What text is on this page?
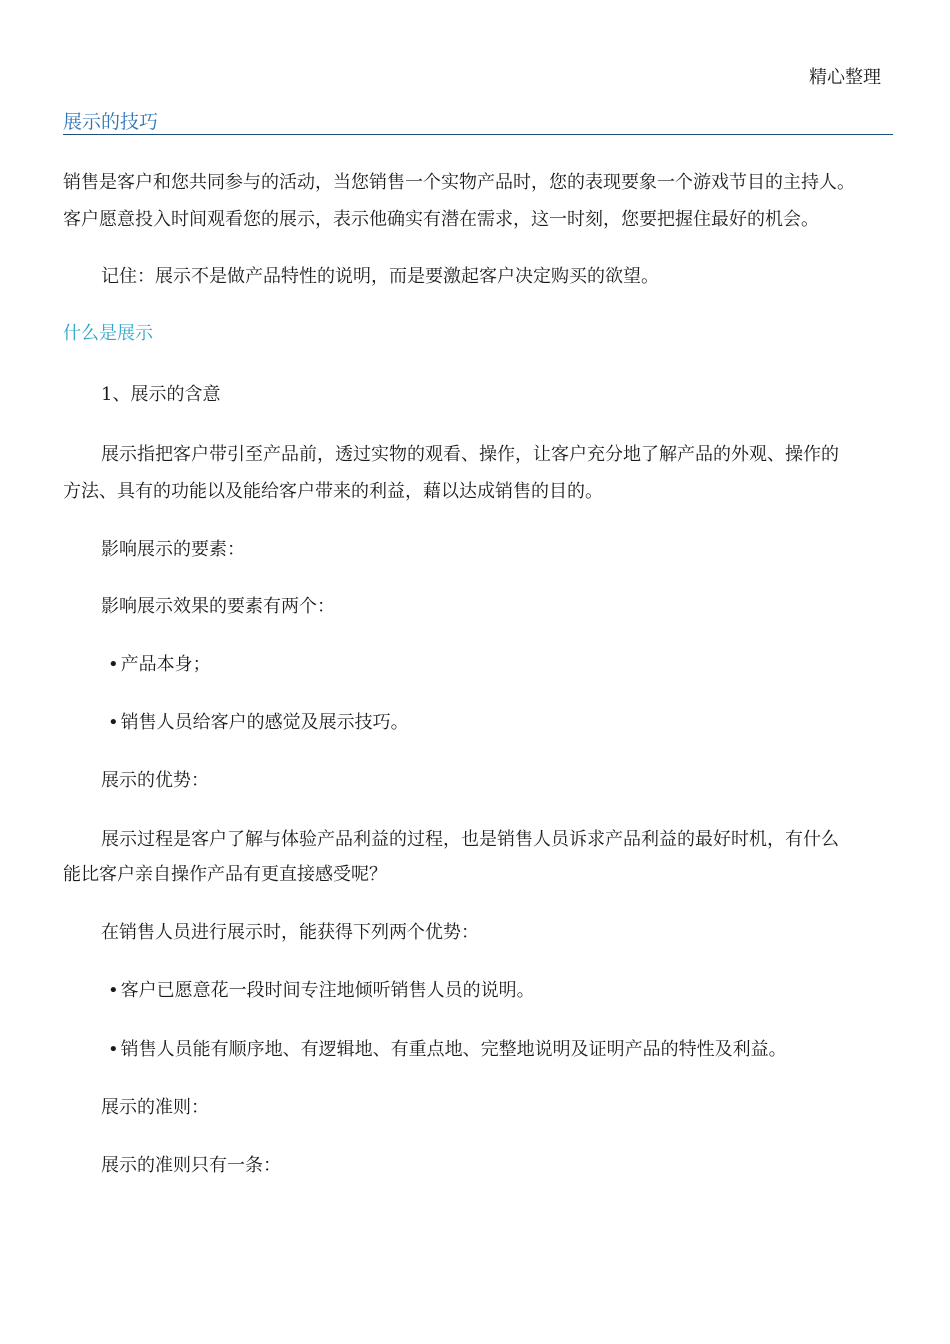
精心整理
展示的技巧

销售是客户和您共同参与的活动，当您销售一个实物产品时，您的表现要象一个游戏节目的主持人。

客户愿意投入时间观看您的展示，表示他确实有潜在需求，这一时刻，您要把握住最好的机会。

记住：展示不是做产品特性的说明，而是要激起客户决定购买的欲望。

什么是展示

1、展示的含意

展示指把客户带引至产品前，透过实物的观看、操作，让客户充分地了解产品的外观、操作的

方法、具有的功能以及能给客户带来的利益，藉以达成销售的目的。

影响展示的要素：

影响展示效果的要素有两个：

• 产品本身；
• 销售人员给客户的感觉及展示技巧。

展示的优势：

展示过程是客户了解与体验产品利益的过程，也是销售人员诉求产品利益的最好时机，有什么

能比客户亲自操作产品有更直接感受呢？

在销售人员进行展示时，能获得下列两个优势：

• 客户已愿意花一段时间专注地倾听销售人员的说明。
• 销售人员能有顺序地、有逻辑地、有重点地、完整地说明及证明产品的特性及利益。

展示的准则：

展示的准则只有一条：
